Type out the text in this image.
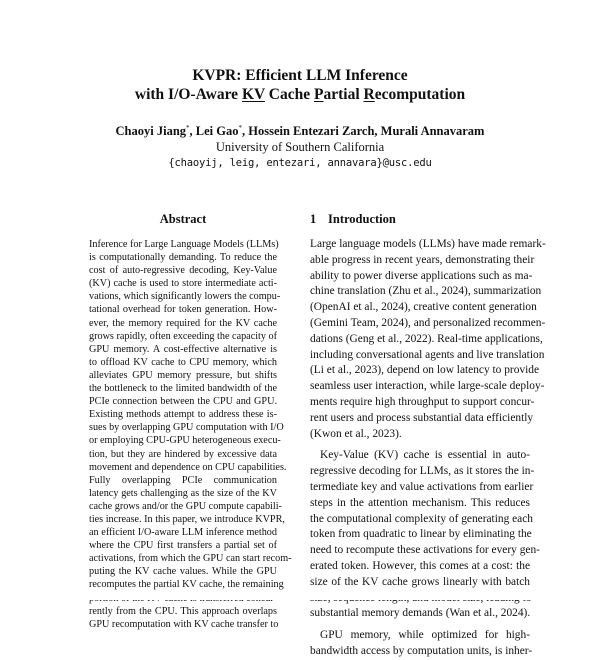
KVPR: Efficient LLM Inference
with I/O-Aware KV Cache Partial Recomputation
Chaoyi Jiang*, Lei Gao*, Hossein Entezari Zarch, Murali Annavaram
University of Southern California
{chaoyij, leig, entezari, annavara}@usc.edu
Abstract
Inference for Large Language Models (LLMs)
is computationally demanding. To reduce the
cost of auto-regressive decoding, Key-Value
(KV) cache is used to store intermediate acti-
vations, which significantly lowers the compu-
tational overhead for token generation. How-
ever, the memory required for the KV cache
grows rapidly, often exceeding the capacity of
GPU memory. A cost-effective alternative is
to offload KV cache to CPU memory, which
alleviates GPU memory pressure, but shifts
the bottleneck to the limited bandwidth of the
PCIe connection between the CPU and GPU.
Existing methods attempt to address these is-
sues by overlapping GPU computation with I/O
or employing CPU-GPU heterogeneous execu-
tion, but they are hindered by excessive data
movement and dependence on CPU capabilities.
Fully overlapping PCIe communication
latency gets challenging as the size of the KV
cache grows and/or the GPU compute capabili-
ties increase. In this paper, we introduce KVPR,
an efficient I/O-aware LLM inference method
where the CPU first transfers a partial set of
activations, from which the GPU can start recom-
puting the KV cache values. While the GPU
recomputes the partial KV cache, the remaining
rently from the CPU. This approach overlaps
GPU recomputation with KV cache transfer to
1 Introduction
Large language models (LLMs) have made remark-
able progress in recent years, demonstrating their
ability to power diverse applications such as ma-
chine translation (Zhu et al., 2024), summarization
(OpenAI et al., 2024), creative content generation
(Gemini Team, 2024), and personalized recommen-
dations (Geng et al., 2022). Real-time applications,
including conversational agents and live translation
(Li et al., 2023), depend on low latency to provide
seamless user interaction, while large-scale deploy-
ments require high throughput to support concur-
rent users and process substantial data efficiently
(Kwon et al., 2023).
Key-Value (KV) cache is essential in auto-
regressive decoding for LLMs, as it stores the in-
termediate key and value activations from earlier
steps in the attention mechanism. This reduces
the computational complexity of generating each
token from quadratic to linear by eliminating the
need to recompute these activations for every gen-
erated token. However, this comes at a cost: the
size of the KV cache grows linearly with batch
substantial memory demands (Wan et al., 2024).
GPU memory, while optimized for high-
bandwidth access by computation units, is inher-
